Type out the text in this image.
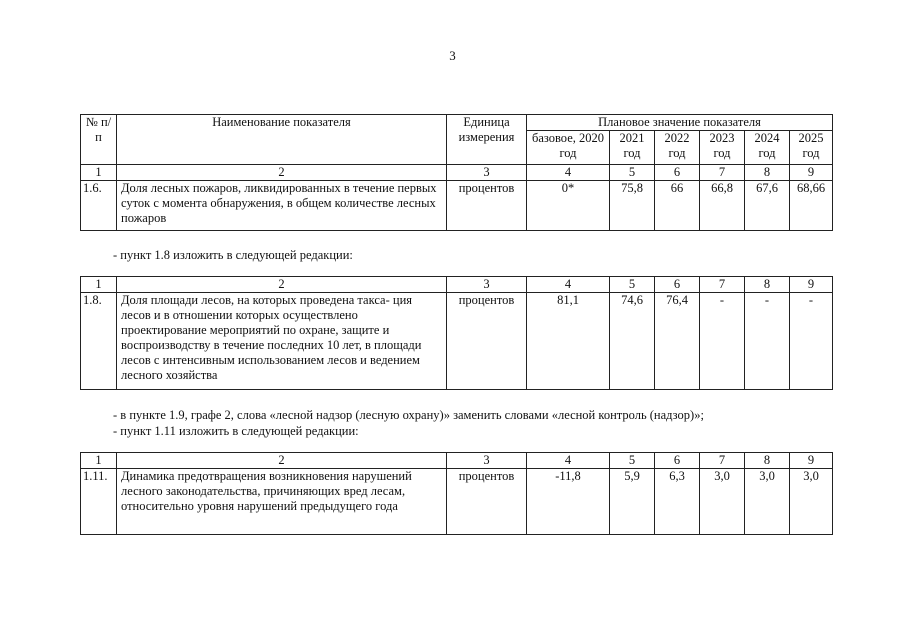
3
№ п/п	Наименование показателя	Единица измерения	Плановое значение показателя					
			базовое, 2020 год	2021 год	2022 год	2023 год	2024 год	2025 год
1	2	3	4	5	6	7	8	9
1.6.	Доля лесных пожаров, ликвидированных в течение первых суток с момента обнаружения, в общем количестве лесных пожаров	процентов	0*	75,8	66	66,8	67,6	68,66
- пункт 1.8 изложить в следующей редакции:
1	2	3	4	5	6	7	8	9
1.8.	Доля площади лесов, на которых проведена такса- ция лесов и в отношении которых осуществлено проектирование мероприятий по охране, защите и воспроизводству в течение последних 10 лет, в площади лесов с интенсивным использованием лесов и ведением лесного хозяйства	процентов	81,1	74,6	76,4	-	-	-
- в пункте 1.9, графе 2, слова «лесной надзор (лесную охрану)» заменить словами «лесной контроль (надзор)»;
- пункт 1.11 изложить в следующей редакции:
1	2	3	4	5	6	7	8	9
1.11.	Динамика предотвращения возникновения нарушений лесного законодательства, причиняющих вред лесам, относительно уровня нарушений предыдущего года	процентов	-11,8	5,9	6,3	3,0	3,0	3,0
